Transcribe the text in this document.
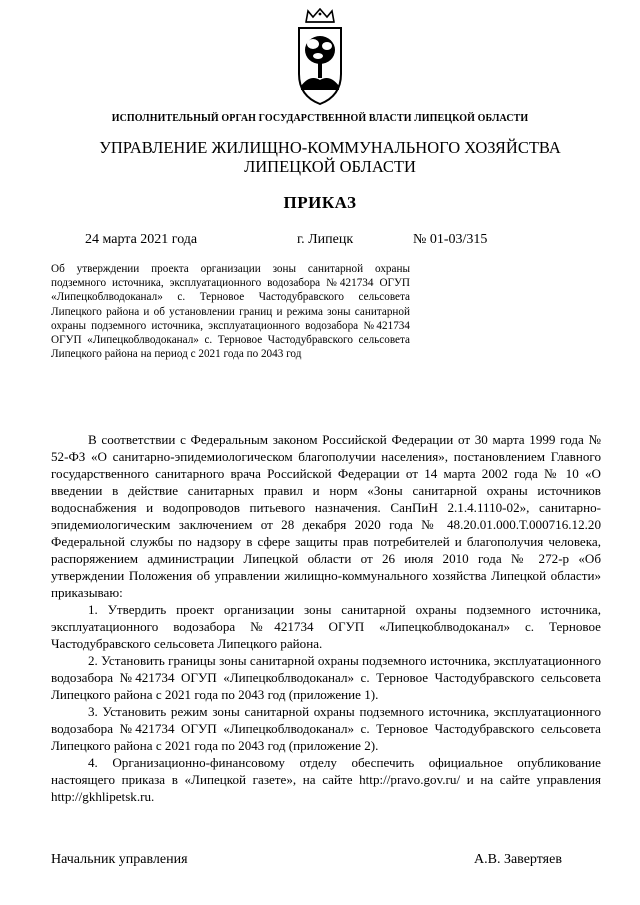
ИСПОЛНИТЕЛЬНЫЙ ОРГАН ГОСУДАРСТВЕННОЙ ВЛАСТИ ЛИПЕЦКОЙ ОБЛАСТИ
УПРАВЛЕНИЕ ЖИЛИЩНО-КОММУНАЛЬНОГО ХОЗЯЙСТВА
ЛИПЕЦКОЙ ОБЛАСТИ
ПРИКАЗ
24 марта 2021 года	г. Липецк	№ 01-03/315
Об утверждении проекта организации зоны санитарной охраны подземного источника, эксплуатационного водозабора №421734 ОГУП «Липецкоблводоканал» с. Терновое Частодубравского сельсовета Липецкого района и об установлении границ и режима зоны санитарной охраны подземного источника, эксплуатационного водозабора №421734 ОГУП «Липецкоблводоканал» с. Терновое Частодубравского сельсовета Липецкого района на период с 2021 года по 2043 год

В соответствии с Федеральным законом Российской Федерации от 30 марта 1999 года № 52-ФЗ «О санитарно-эпидемиологическом благополучии населения», постановлением Главного государственного санитарного врача Российской Федерации от 14 марта 2002 года № 10 «О введении в действие санитарных правил и норм «Зоны санитарной охраны источников водоснабжения и водопроводов питьевого назначения. СанПиН 2.1.4.1110-02», санитарно-эпидемиологическим заключением от 28 декабря 2020 года № 48.20.01.000.Т.000716.12.20 Федеральной службы по надзору в сфере защиты прав потребителей и благополучия человека, распоряжением администрации Липецкой области от 26 июля 2010 года № 272-р «Об утверждении Положения об управлении жилищно-коммунального хозяйства Липецкой области» приказываю:

1. Утвердить проект организации зоны санитарной охраны подземного источника, эксплуатационного водозабора №421734 ОГУП «Липецкоблводоканал» с. Терновое Частодубравского сельсовета Липецкого района.

2. Установить границы зоны санитарной охраны подземного источника, эксплуатационного водозабора №421734 ОГУП «Липецкоблводоканал» с. Терновое Частодубравского сельсовета Липецкого района с 2021 года по 2043 год (приложение 1).

3. Установить режим зоны санитарной охраны подземного источника, эксплуатационного водозабора №421734 ОГУП «Липецкоблводоканал» с. Терновое Частодубравского сельсовета Липецкого района с 2021 года по 2043 год (приложение 2).

4. Организационно-финансовому отделу обеспечить официальное опубликование настоящего приказа в «Липецкой газете», на сайте http://pravo.gov.ru/ и на сайте управления http://gkhlipetsk.ru.

Начальник управления	А.В. Завертяев
